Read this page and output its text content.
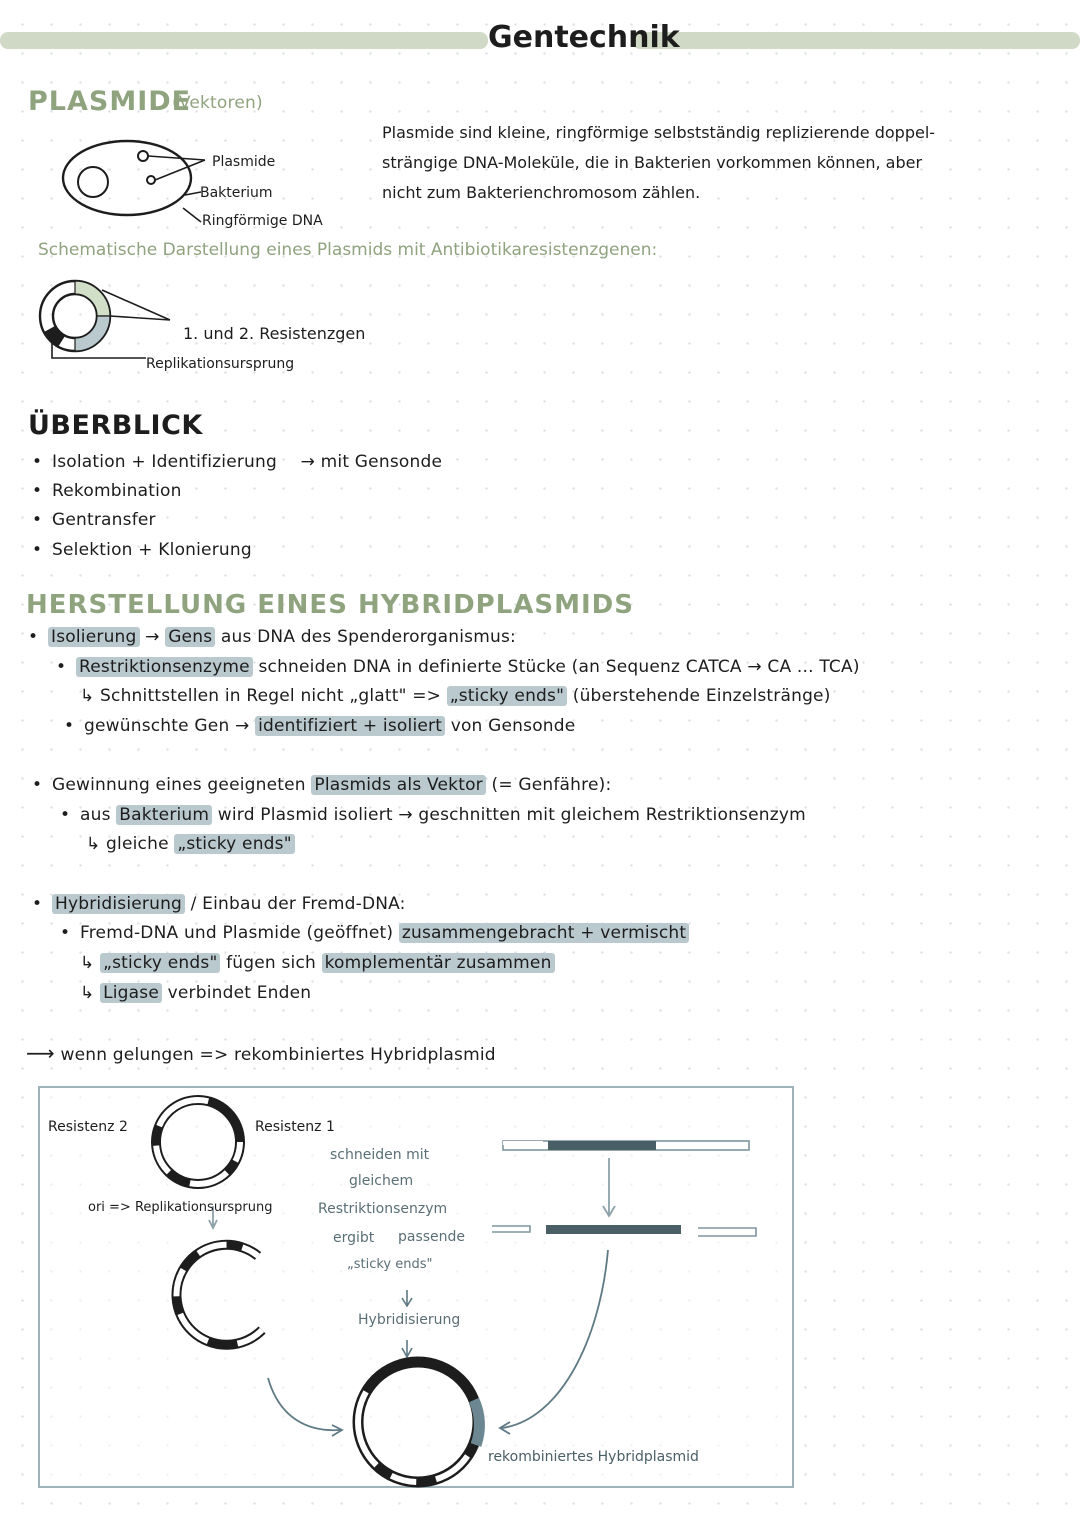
Gentechnik
PLASMIDE
(Vektoren)
Plasmide sind kleine, ringförmige selbstständig replizierende doppel-
strängige DNA-Moleküle, die in Bakterien vorkommen können, aber
nicht zum Bakterienchromosom zählen.
Plasmide
Bakterium
Ringförmige DNA
Schematische Darstellung eines Plasmids mit Antibiotikaresistenzgenen:
1. und 2. Resistenzgen
Replikationsursprung
ÜBERBLICK
• Isolation + Identifizierung → mit Gensonde
• Rekombination
• Gentransfer
• Selektion + Klonierung
HERSTELLUNG EINES HYBRIDPLASMIDS
• Isolierung → Gens aus DNA des Spenderorganismus:
• Restriktionsenzyme schneiden DNA in definierte Stücke (an Sequenz CATCA → CA ... TCA)
↳ Schnittstellen in Regel nicht „glatt" => „sticky ends" (überstehende Einzelstränge)
• gewünschte Gen → identifiziert + isoliert von Gensonde
• Gewinnung eines geeigneten Plasmids als Vektor (= Genfähre):
• aus Bakterium wird Plasmid isoliert → geschnitten mit gleichem Restriktionsenzym
↳ gleiche „sticky ends"
• Hybridisierung / Einbau der Fremd-DNA:
• Fremd-DNA und Plasmide (geöffnet) zusammengebracht + vermischt
↳ „sticky ends" fügen sich komplementär zusammen
↳ Ligase verbindet Enden
⟶ wenn gelungen => rekombiniertes Hybridplasmid
Resistenz 2	Resistenz 1
ori => Replikationsursprung
schneiden mit
gleichem
Restriktionsenzym
ergibt passende
„sticky ends"
Hybridisierung
rekombiniertes Hybridplasmid
